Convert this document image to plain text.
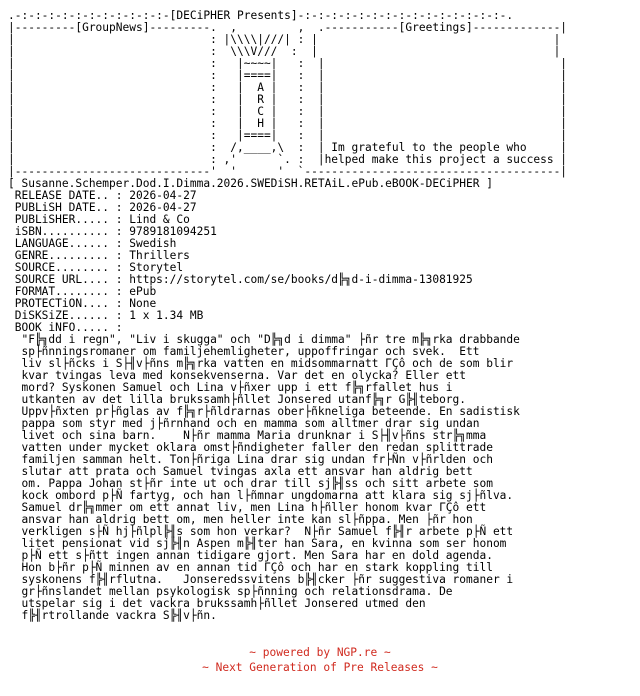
.-:-:-:-:-:-:-:-:-:-:-:-[DECiPHER Presents]-:-:-:-:-:-:-:-:-:-:-:-:-:-:-:-.
|---------[GroupNews]---------.  ,         ,  .-----------[Greetings]-------------|
|                             : |\\\\|///| : |                                   |
|                             :  \\\V///  :  |                                   |
|                             :   |~~~~|   :  |                                   |
|                             :   |====|   :  |                                   |
|                             :   |  A |   :  |                                   |
|                             :   |  R |   :  |                                   |
|                             :   |  C |   :  |                                   |
|                             :   |  H |   :  |                                   |
|                             :   |====|   :  |                                   |
|                             :  /,____,\  :  | Im grateful to the people who     |
|                             : ,'      `. :  |helped make this project a success |
|-----------------------------'  '      '  `--------------------------------------|
[ Susanne.Schemper.Dod.I.Dimma.2026.SWEDiSH.RETAiL.ePub.eBOOK-DECiPHER ]
RELEASE DATE.. : 2026-04-27
PUBLiSH DATE.. : 2026-04-27
PUBLiSHER..... : Lind & Co
iSBN.......... : 9789181094251
LANGUAGE...... : Swedish
GENRE......... : Thrillers
SOURCE........ : Storytel
SOURCE URL.... : https://storytel.com/se/books/d╠╗d-i-dimma-13081925
FORMAT........ : ePub
PROTECTiON.... : None
DiSKSiZE...... : 1 x 1.34 MB
BOOK iNFO..... :
"F╠╗dd i regn", "Liv i skugga" och "D╠╗d i dimma" ├ñr tre m╠╗rka drabbande
sp├ñnningsromaner om familjehemligheter, uppoffringar och svek.  Ett
liv sl├ñcks i S├╢v├ñns m╠╗rka vatten en midsommarnatt ΓÇô och de som blir
kvar tvingas leva med konsekvenserna. Var det en olycka? Eller ett
mord? Syskonen Samuel och Lina v├ñxer upp i ett f╠╗rfallet hus i
utkanten av det lilla brukssamh├ñllet Jonsered utanf╠╗r G╠╢teborg.
Uppv├ñxten pr├ñglas av f╠╗r├ñldrarnas ober├ñkneliga beteende. En sadistisk
pappa som styr med j├ñrnhand och en mamma som alltmer drar sig undan
livet och sina barn.    N├ñr mamma Maria drunknar i S├╢v├ñns str╠╗mma
vatten under mycket oklara omst├ñndigheter faller den redan splittrade
familjen samman helt. Ton├ñriga Lina drar sig undan fr├Ñn v├ñrlden och
slutar att prata och Samuel tvingas axla ett ansvar han aldrig bett
om. Pappa Johan st├ñr inte ut och drar till sj╠╢ss och sitt arbete som
kock ombord p├Ñ fartyg, och han l├ñmnar ungdomarna att klara sig sj├ñlva.
Samuel dr╠╗mmer om ett annat liv, men Lina h├ñller honom kvar ΓÇô ett
ansvar han aldrig bett om, men heller inte kan sl├ñppa. Men ├ñr hon
verkligen s├Ñ hj├ñlpl╠╢s som hon verkar?  N├ñr Samuel f╠╢r arbete p├Ñ ett
litet pensionat vid sj╠╢n Aspen m╠╢ter han Sara, en kvinna som ser honom
p├Ñ ett s├ñtt ingen annan tidigare gjort. Men Sara har en dold agenda.
Hon b├ñr p├Ñ minnen av en annan tid ΓÇô och har en stark koppling till
syskonens f╠╢rflutna.   Jonseredssvitens b╠╢cker ├ñr suggestiva romaner i
gr├ñnslandet mellan psykologisk sp├ñnning och relationsdrama. De
utspelar sig i det vackra brukssamh├ñllet Jonsered utmed den
f╠╢rtrollande vackra S╠╢v├ñn.

~ powered by NGP.re ~
~ Next Generation of Pre Releases ~
